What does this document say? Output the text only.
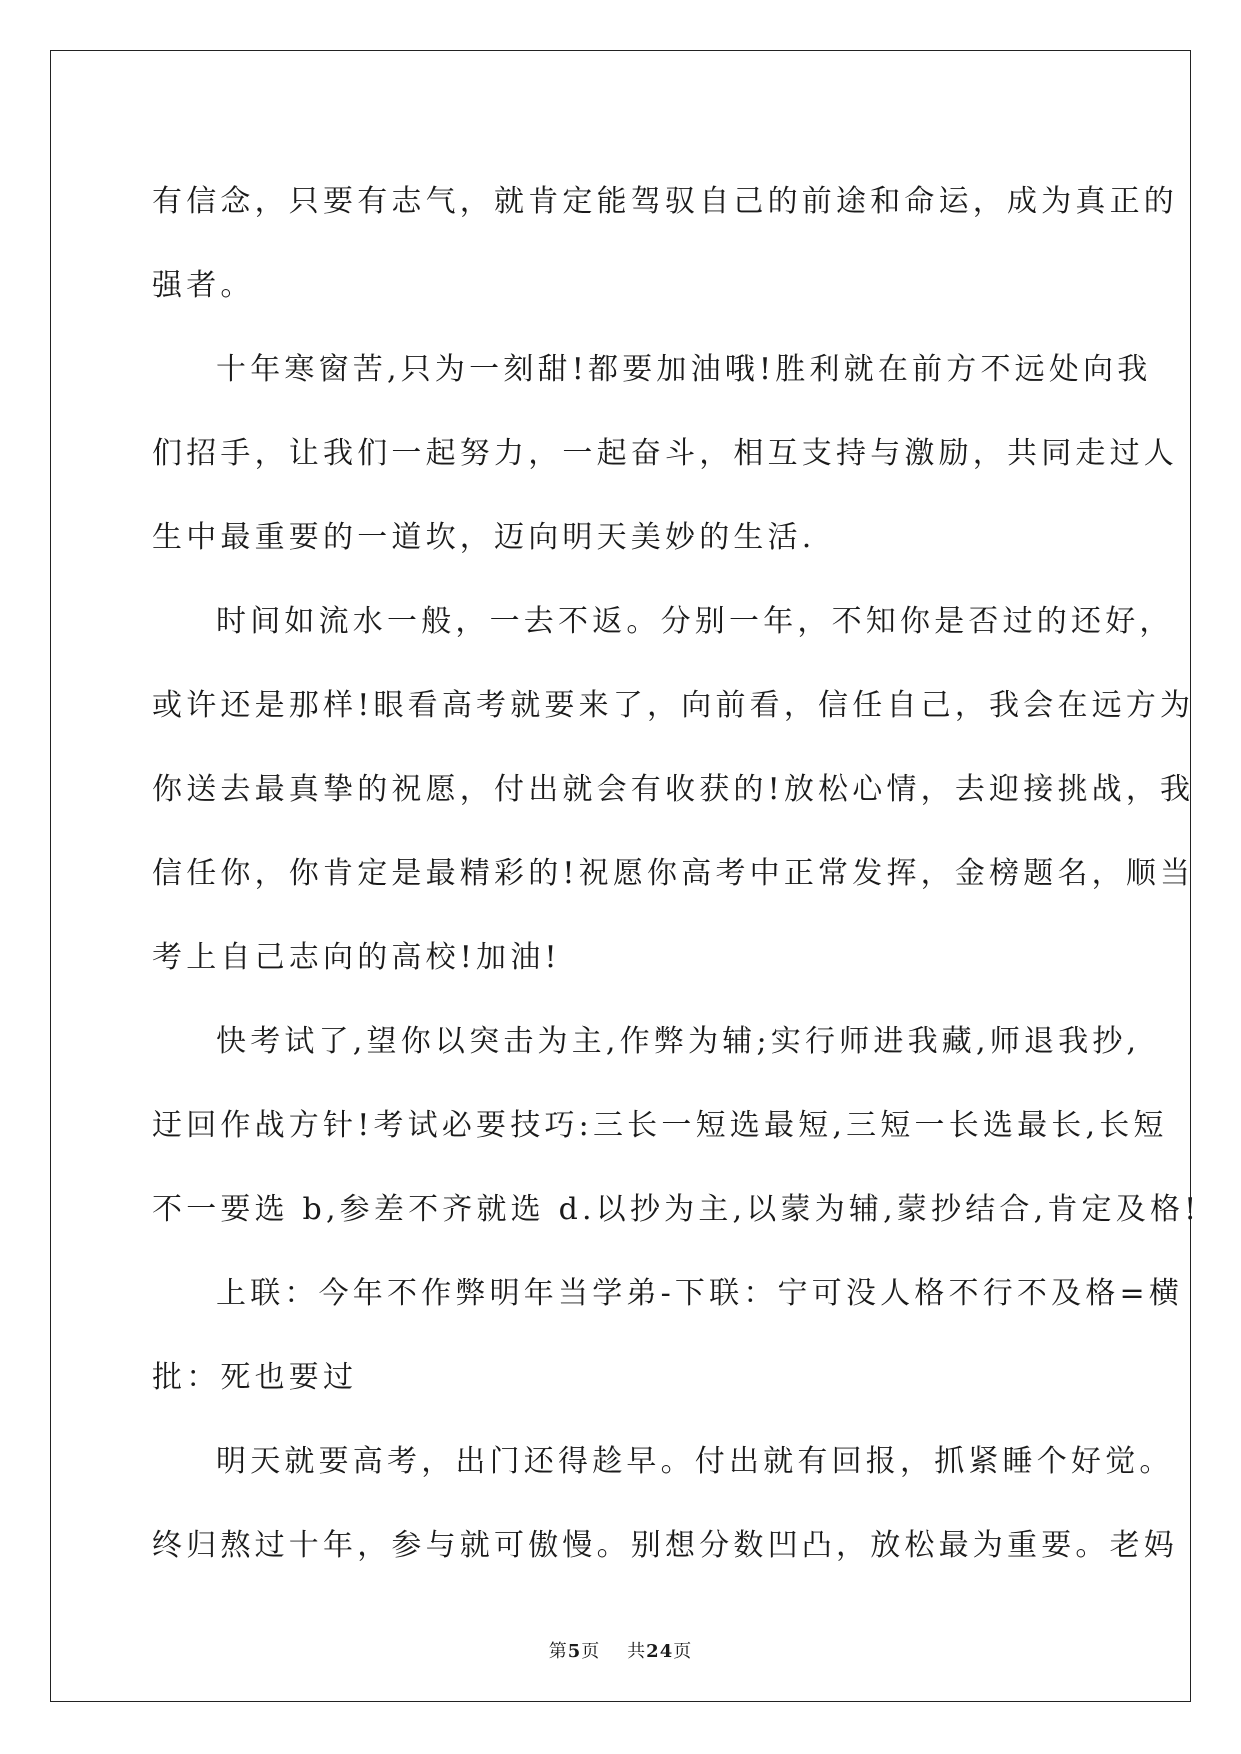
有信念，只要有志气，就肯定能驾驭自己的前途和命运，成为真正的
强者。
十年寒窗苦,只为一刻甜!都要加油哦!胜利就在前方不远处向我
们招手，让我们一起努力，一起奋斗，相互支持与激励，共同走过人
生中最重要的一道坎，迈向明天美妙的生活.
时间如流水一般，一去不返。分别一年，不知你是否过的还好，
或许还是那样!眼看高考就要来了，向前看，信任自己，我会在远方为
你送去最真挚的祝愿，付出就会有收获的!放松心情，去迎接挑战，我
信任你，你肯定是最精彩的!祝愿你高考中正常发挥，金榜题名，顺当
考上自己志向的高校!加油!
快考试了,望你以突击为主,作弊为辅;实行师进我藏,师退我抄,
迂回作战方针!考试必要技巧:三长一短选最短,三短一长选最长,长短
不一要选 b,参差不齐就选 d.以抄为主,以蒙为辅,蒙抄结合,肯定及格!
上联：今年不作弊明年当学弟-下联：宁可没人格不行不及格=横
批：死也要过
明天就要高考，出门还得趁早。付出就有回报，抓紧睡个好觉。
终归熬过十年，参与就可傲慢。别想分数凹凸，放松最为重要。老妈
第5页 共24页
